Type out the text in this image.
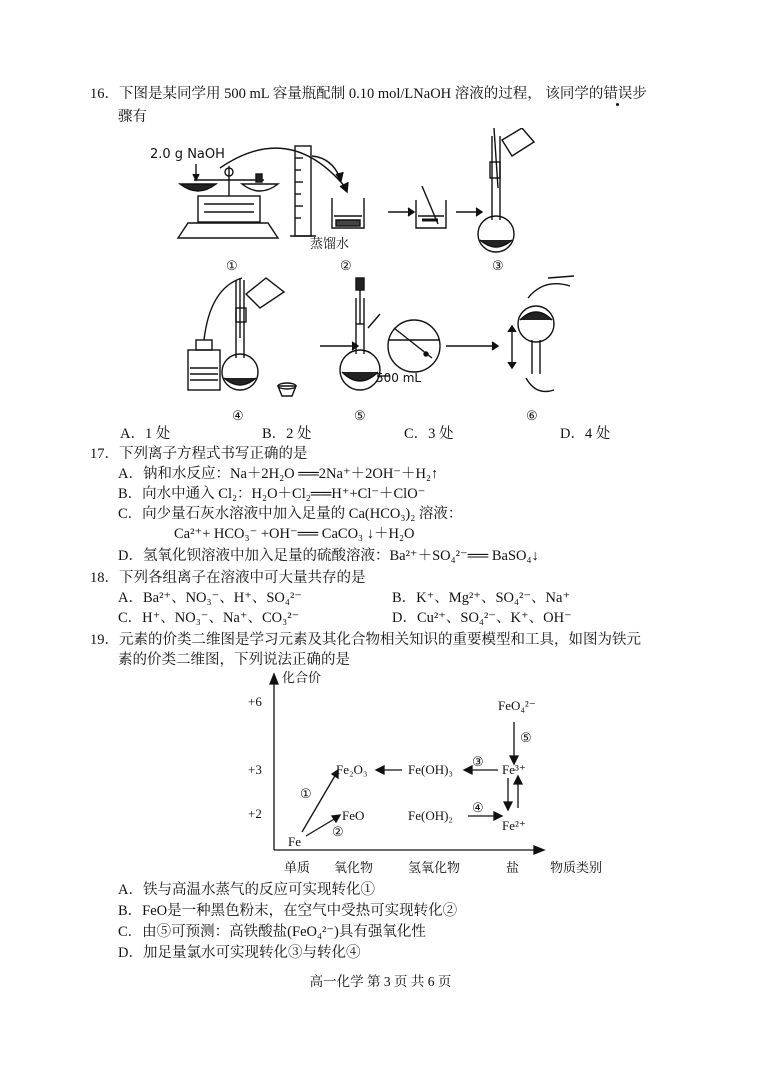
16．下图是某同学用 500 mL 容量瓶配制 0.10 mol/LNaOH 溶液的过程， 该同学的错误步
骤有
2.0 g NaOH
蒸馏水
500 mL
①	②	③
④	⑤	⑥
A．1 处	B．2 处	C．3 处	D．4 处
17．下列离子方程式书写正确的是
A．钠和水反应：Na＋2H₂O ══2Na⁺＋2OH⁻＋H₂↑
B．向水中通入 Cl₂：H₂O＋Cl₂══H⁺+Cl⁻＋ClO⁻
C．向少量石灰水溶液中加入足量的 Ca(HCO₃)₂ 溶液：
Ca²⁺+ HCO₃⁻ +OH⁻══ CaCO₃ ↓＋H₂O
D．氢氧化钡溶液中加入足量的硫酸溶液：Ba²⁺＋SO₄²⁻══ BaSO₄↓
18．下列各组离子在溶液中可大量共存的是
A．Ba²⁺、NO₃⁻、H⁺、SO₄²⁻	B．K⁺、Mg²⁺、SO₄²⁻、Na⁺
C．H⁺、NO₃⁻、Na⁺、CO₃²⁻	D．Cu²⁺、SO₄²⁻、K⁺、OH⁻
19．元素的价类二维图是学习元素及其化合物相关知识的重要模型和工具，如图为铁元
素的价类二维图，下列说法正确的是
化合价
+6
+3
+2
单质 氧化物	氢氧化物	盐 物质类别
Fe
FeO
Fe₂O₃
Fe(OH)₂
Fe(OH)₃
Fe²⁺
Fe³⁺
FeO₄²⁻
①
②
③
④
⑤
A．铁与高温水蒸气的反应可实现转化①
B．FeO是一种黑色粉末，在空气中受热可实现转化②
C．由⑤可预测：高铁酸盐(FeO₄²⁻)具有强氧化性
D．加足量氯水可实现转化③与转化④
高一化学 第 3 页 共 6 页
